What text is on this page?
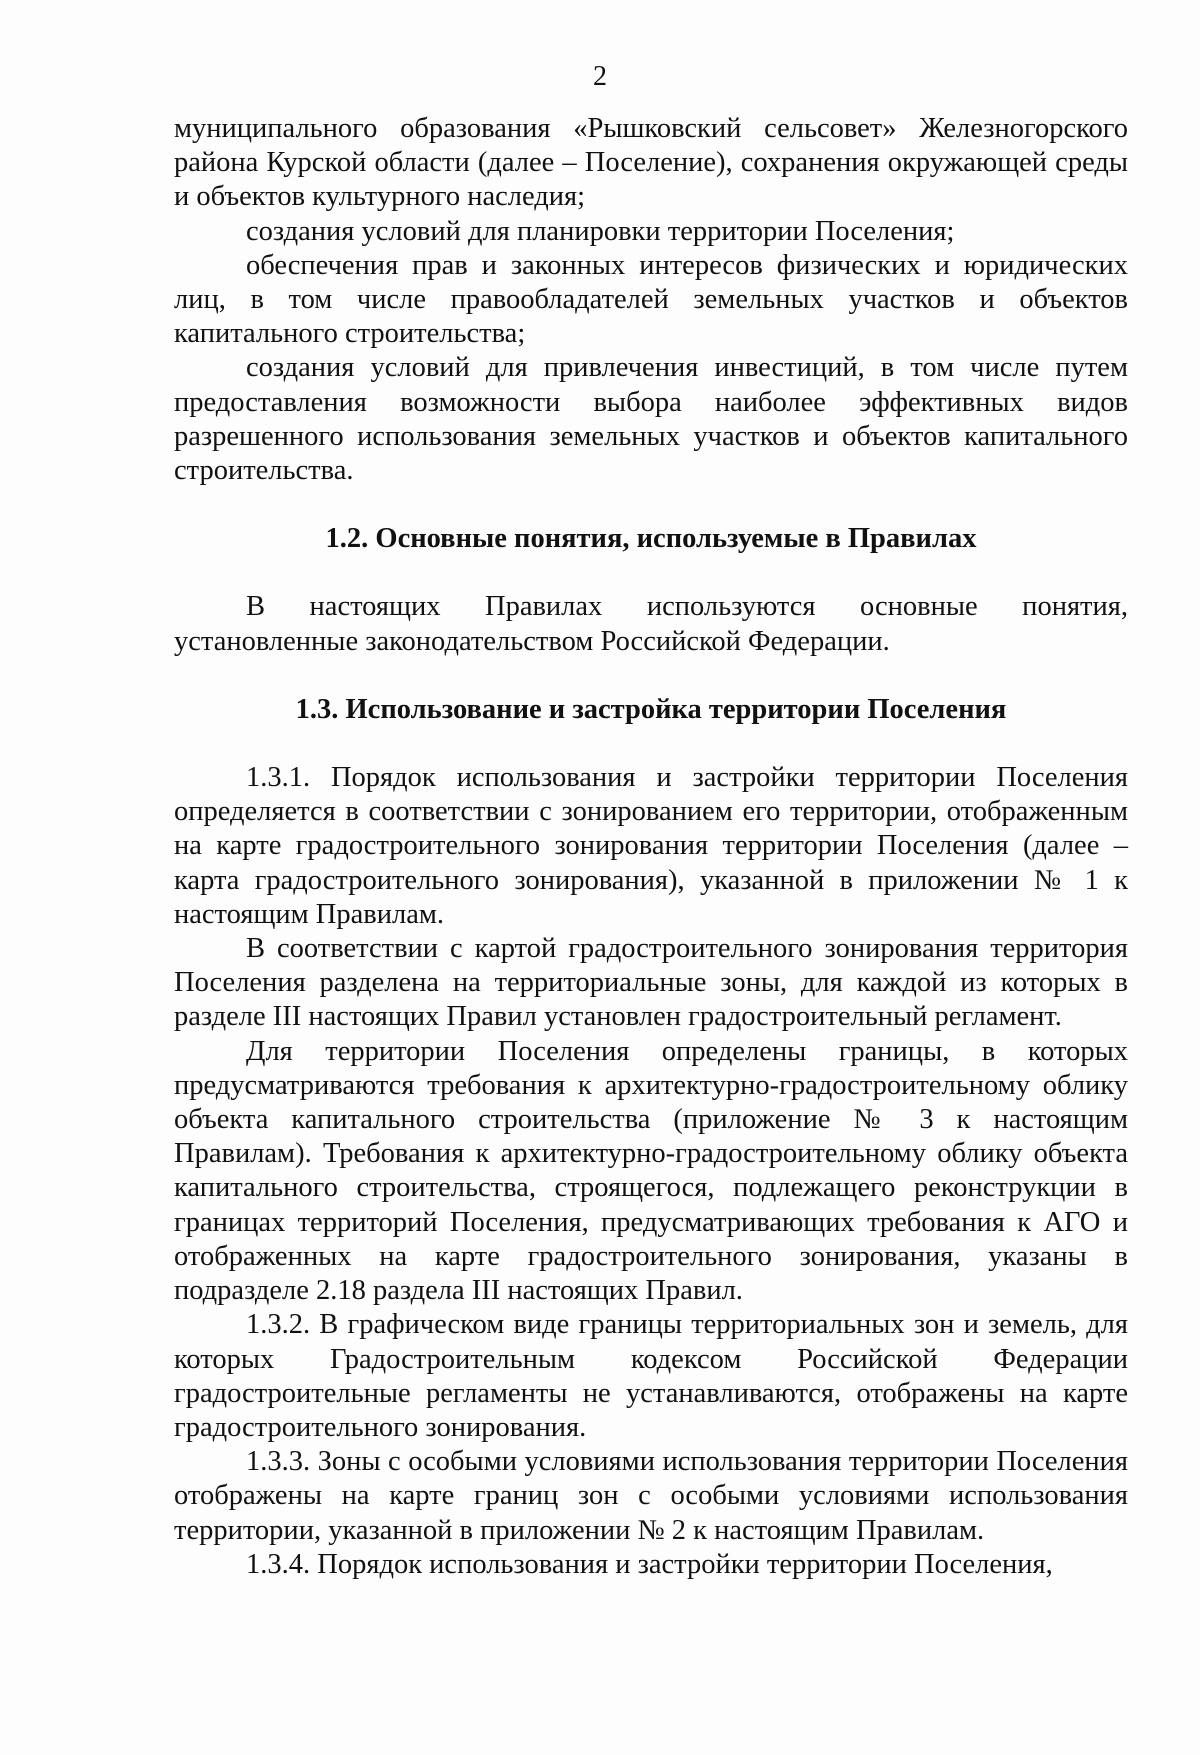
2

муниципального образования «Рышковский сельсовет» Железногорского района Курской области (далее – Поселение), сохранения окружающей среды и объектов культурного наследия;

создания условий для планировки территории Поселения;

обеспечения прав и законных интересов физических и юридических лиц, в том числе правообладателей земельных участков и объектов капитального строительства;

создания условий для привлечения инвестиций, в том числе путем предоставления возможности выбора наиболее эффективных видов разрешенного использования земельных участков и объектов капитального строительства.

1.2. Основные понятия, используемые в Правилах

В настоящих Правилах используются основные понятия, установленные законодательством Российской Федерации.

1.3. Использование и застройка территории Поселения

1.3.1. Порядок использования и застройки территории Поселения определяется в соответствии с зонированием его территории, отображенным на карте градостроительного зонирования территории Поселения (далее – карта градостроительного зонирования), указанной в приложении № 1 к настоящим Правилам.

В соответствии с картой градостроительного зонирования территория Поселения разделена на территориальные зоны, для каждой из которых в разделе III настоящих Правил установлен градостроительный регламент.

Для территории Поселения определены границы, в которых предусматриваются требования к архитектурно-градостроительному облику объекта капитального строительства (приложение № 3 к настоящим Правилам). Требования к архитектурно-градостроительному облику объекта капитального строительства, строящегося, подлежащего реконструкции в границах территорий Поселения, предусматривающих требования к АГО и отображенных на карте градостроительного зонирования, указаны в подразделе 2.18 раздела III настоящих Правил.

1.3.2. В графическом виде границы территориальных зон и земель, для которых Градостроительным кодексом Российской Федерации градостроительные регламенты не устанавливаются, отображены на карте градостроительного зонирования.

1.3.3. Зоны с особыми условиями использования территории Поселения отображены на карте границ зон с особыми условиями использования территории, указанной в приложении № 2 к настоящим Правилам.

1.3.4. Порядок использования и застройки территории Поселения,
